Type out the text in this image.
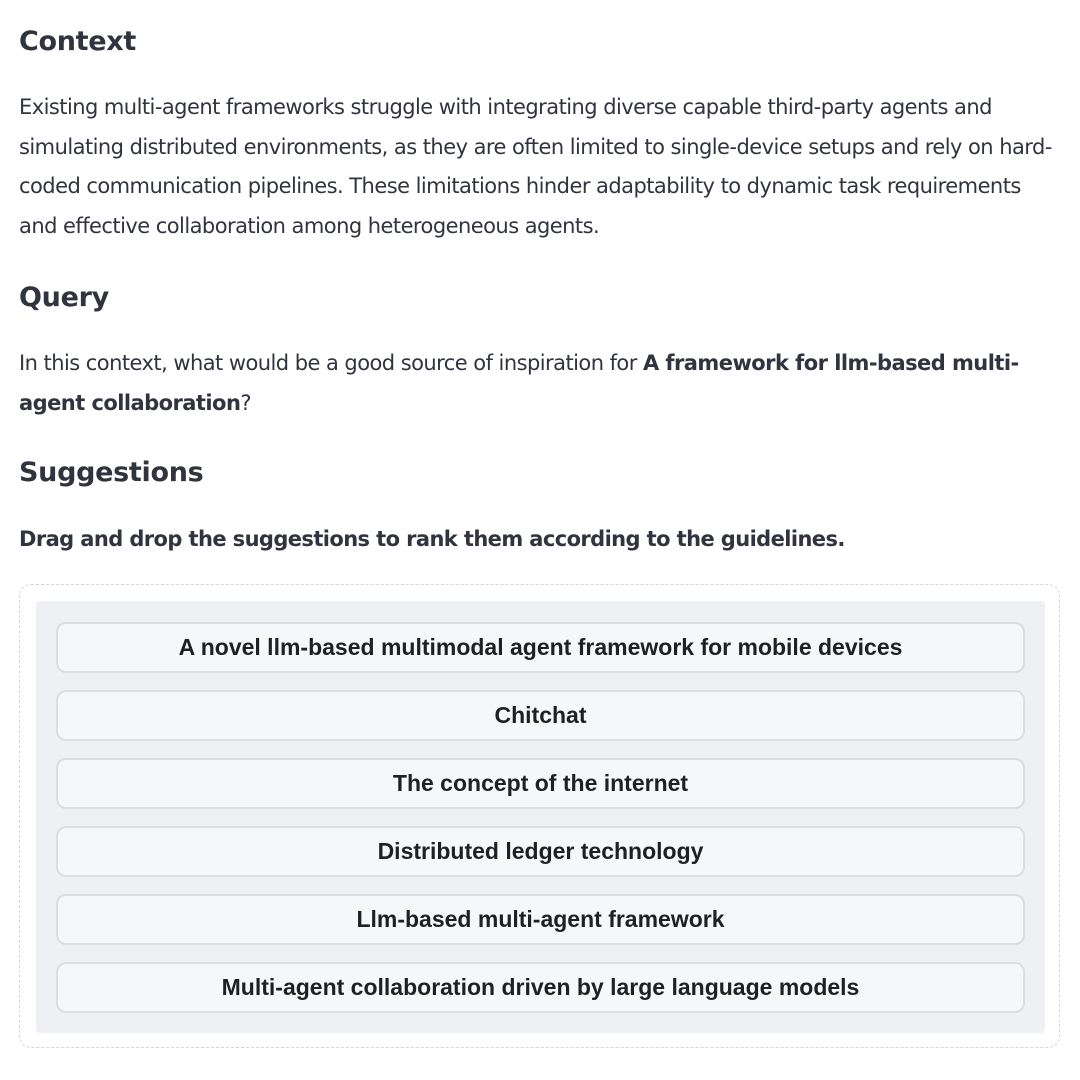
Context

Existing multi-agent frameworks struggle with integrating diverse capable third-party agents and simulating distributed environments, as they are often limited to single-device setups and rely on hard-coded communication pipelines. These limitations hinder adaptability to dynamic task requirements and effective collaboration among heterogeneous agents.

Query

In this context, what would be a good source of inspiration for A framework for llm-based multi-agent collaboration?

Suggestions

Drag and drop the suggestions to rank them according to the guidelines.

A novel llm-based multimodal agent framework for mobile devices
Chitchat
The concept of the internet
Distributed ledger technology
Llm-based multi-agent framework
Multi-agent collaboration driven by large language models
